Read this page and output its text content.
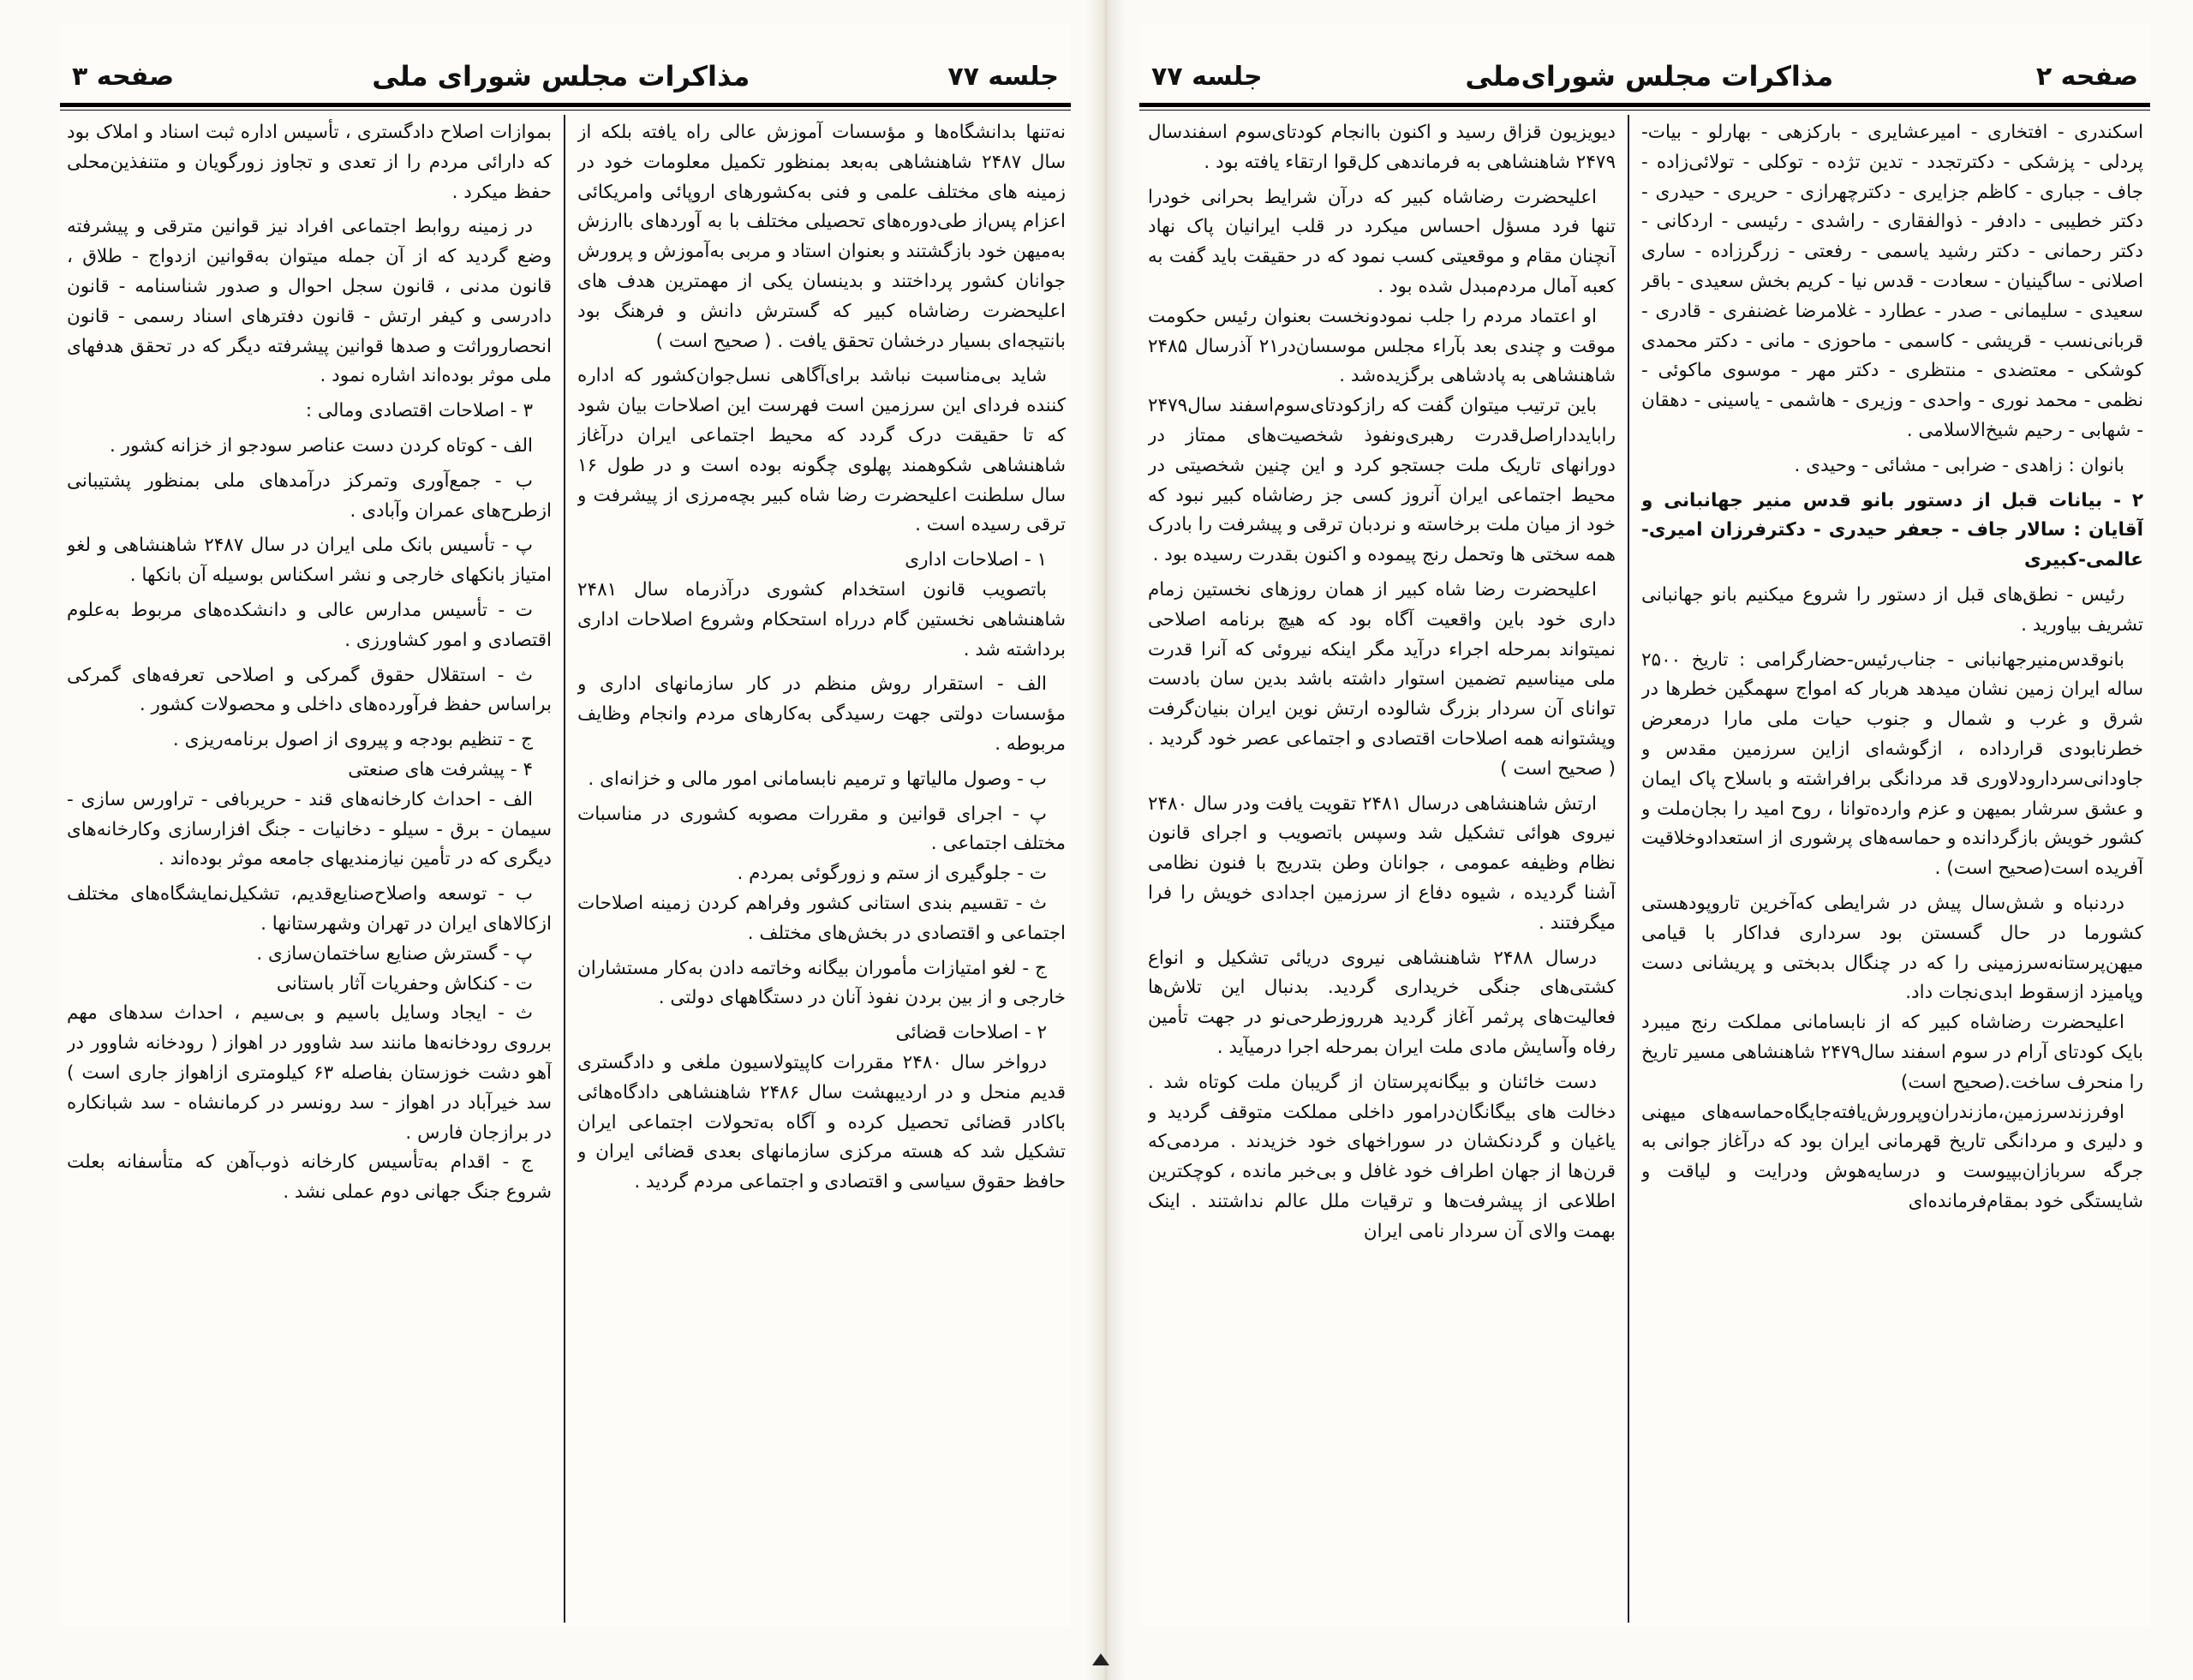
جلسه ۷۷
مذاکرات مجلس شورای ملی
صفحه ۳

نه‌تنها بدانشگاه‌ها و مؤسسات آموزش عالی راه یافته بلکه از سال ۲۴۸۷ شاهنشاهی به‌بعد بمنظور تکمیل معلومات خود در زمینه های مختلف علمی و فنی به‌کشورهای اروپائی وامریکائی اعزام پس‌از طی‌دوره‌های تحصیلی مختلف با به آوردهای باارزش به‌میهن خود بازگشتند و بعنوان استاد و مربی به‌آموزش و پرورش جوانان کشور پرداختند و بدینسان یکی از مهمترین هدف های اعلیحضرت رضاشاه کبیر که گسترش دانش و فرهنگ بود بانتیجه‌ای بسیار درخشان تحقق یافت . ( صحیح است )

شاید بی‌مناسبت نباشد برای‌آگاهی نسل‌جوان‌کشور که اداره کننده فردای این سرزمین است فهرست این اصلاحات بیان شود که تا حقیقت درک گردد که محیط اجتماعی ایران درآغاز شاهنشاهی شکوهمند پهلوی چگونه بوده است و در طول ۱۶ سال سلطنت اعلیحضرت رضا شاه کبیر بچه‌مرزی از پیشرفت و ترقی رسیده است .

۱ - اصلاحات اداری

باتصویب قانون استخدام کشوری درآذرماه سال ۲۴۸۱ شاهنشاهی نخستین گام درراه استحکام وشروع اصلاحات اداری برداشته شد .

الف - استقرار روش منظم در کار سازمانهای اداری و مؤسسات دولتی جهت رسیدگی به‌کارهای مردم وانجام وظایف مربوطه .

ب - وصول مالیاتها و ترمیم نابسامانی امور مالی و خزانه‌ای .

پ - اجرای قوانین و مقررات مصوبه کشوری در مناسبات مختلف اجتماعی .

ت - جلوگیری از ستم و زورگوئی بمردم .

ث - تقسیم بندی استانی کشور وفراهم کردن زمینه اصلاحات اجتماعی و اقتصادی در بخش‌های مختلف .

ج - لغو امتیازات مأموران بیگانه وخاتمه دادن به‌کار مستشاران خارجی و از بین بردن نفوذ آنان در دستگاههای دولتی .

۲ - اصلاحات قضائی

درواخر سال ۲۴۸۰ مقررات کاپیتولاسیون ملغی و دادگستری قدیم منحل و در اردیبهشت سال ۲۴۸۶ شاهنشاهی دادگاه‌هائی باکادر قضائی تحصیل کرده و آگاه به‌تحولات اجتماعی ایران تشکیل شد که هسته مرکزی سازمانهای بعدی قضائی ایران و حافظ حقوق سیاسی و اقتصادی و اجتماعی مردم گردید .

بموازات اصلاح دادگستری ، تأسیس اداره ثبت اسناد و املاک بود که دارائی مردم را از تعدی و تجاوز زورگویان و متنفذین‌محلی حفظ میکرد .

در زمینه روابط اجتماعی افراد نیز قوانین مترقی و پیشرفته وضع گردید که از آن جمله میتوان به‌قوانین ازدواج - طلاق ، قانون مدنی ، قانون سجل احوال و صدور شناسنامه - قانون دادرسی و کیفر ارتش - قانون دفترهای اسناد رسمی - قانون انحصاروراثت و صدها قوانین پیشرفته دیگر که در تحقق هدفهای ملی موثر بوده‌اند اشاره نمود .

۳ - اصلاحات اقتصادی ومالی :

الف - کوتاه کردن دست عناصر سودجو از خزانه کشور .

ب - جمع‌آوری وتمرکز درآمدهای ملی بمنظور پشتیبانی ازطرح‌های عمران وآبادی .

پ - تأسیس بانک ملی ایران در سال ۲۴۸۷ شاهنشاهی و لغو امتیاز بانکهای خارجی و نشر اسکناس بوسیله آن بانکها .

ت - تأسیس مدارس عالی و دانشکده‌های مربوط به‌علوم اقتصادی و امور کشاورزی .

ث - استقلال حقوق گمرکی و اصلاحی تعرفه‌های گمرکی براساس حفظ فرآورده‌های داخلی و محصولات کشور .

ج - تنظیم بودجه و پیروی از اصول برنامه‌ریزی .

۴ - پیشرفت های صنعتی

الف - احداث کارخانه‌های قند - حریربافی - تراورس سازی - سیمان - برق - سیلو - دخانیات - جنگ افزارسازی وکارخانه‌های دیگری که در تأمین نیازمندیهای جامعه موثر بوده‌اند .

ب - توسعه واصلاح‌صنایع‌قدیم، تشکیل‌نمایشگاه‌های مختلف ازکالاهای ایران در تهران وشهرستانها .

پ - گسترش صنایع ساختمان‌سازی .

ت - کنکاش وحفریات آثار باستانی

ث - ایجاد وسایل باسیم و بی‌سیم ، احداث سدهای مهم برروی رودخانه‌ها مانند سد شاوور در اهواز ( رودخانه شاوور در آهو دشت خوزستان بفاصله ۶۳ کیلومتری ازاهواز جاری است ) سد خیرآباد در اهواز - سد رونسر در کرمانشاه - سد شبانکاره در برازجان فارس .

ج - اقدام به‌تأسیس کارخانه ذوب‌آهن که متأسفانه بعلت شروع جنگ جهانی دوم عملی نشد .

صفحه ۲
مذاکرات مجلس شورای‌ملی
جلسه ۷۷

اسکندری - افتخاری - امیرعشایری - بارکزهی - بهارلو - بیات-پردلی - پزشکی - دکترتجدد - تدین تژده - توکلی - تولائی‌زاده - جاف - جباری - کاظم جزایری - دکترچهرازی - حریری - حیدری - دکتر خطیبی - دادفر - ذوالفقاری - راشدی - رئیسی - اردکانی - دکتر رحمانی - دکتر رشید یاسمی - رفعتی - زرگرزاده - ساری اصلانی - ساگینیان - سعادت - قدس نیا - کریم بخش سعیدی - باقر سعیدی - سلیمانی - صدر - عطارد - غلامرضا غضنفری - قادری - قربانی‌نسب - قریشی - کاسمی - ماحوزی - مانی - دکتر محمدی کوشکی - معتضدی - منتظری - دکتر مهر - موسوی ماکوئی - نظمی - محمد نوری - واحدی - وزیری - هاشمی - یاسینی - دهقان - شهابی - رحیم شیخ‌الاسلامی .

بانوان : زاهدی - ضرابی - مشائی - وحیدی .

۲ - بیانات قبل از دستور بانو قدس منیر جهانبانی و آقایان : سالار جاف - جعفر حیدری - دکترفرزان امیری-عالمی-کبیری

رئیس - نطق‌های قبل از دستور را شروع میکنیم بانو جهانبانی تشریف بیاورید .

بانوقدس‌منیرجهانبانی - جناب‌رئیس-حضارگرامی : تاریخ ۲۵۰۰ ساله ایران زمین نشان میدهد هربار که امواج سهمگین خطرها در شرق و غرب و شمال و جنوب حیات ملی مارا درمعرض خطرنابودی قرارداده ، ازگوشه‌ای ازاین سرزمین مقدس و جاودانی‌سردارودلاوری قد مردانگی برافراشته و باسلاح پاک ایمان و عشق سرشار بمیهن و عزم وارده‌توانا ، روح امید را بجان‌ملت و کشور خویش بازگردانده و حماسه‌های پرشوری از استعدادوخلاقیت آفریده است(صحیح است) .

دردنباه و شش‌سال پیش در شرایطی که‌آخرین تاروپودهستی کشورما در حال گسستن بود سرداری فداکار با قیامی میهن‌پرستانه‌سرزمینی را که در چنگال بدبختی و پریشانی دست وپامیزد ازسقوط ابدی‌نجات داد.

اعلیحضرت رضاشاه کبیر که از نابسامانی مملکت رنج میبرد بایک کودتای آرام در سوم اسفند سال۲۴۷۹ شاهنشاهی مسیر تاریخ را منحرف ساخت.(صحیح است)

اوفرزندسرزمین،مازندران‌وپرورش‌یافته‌جایگاه‌حماسه‌های میهنی و دلیری و مردانگی تاریخ قهرمانی ایران بود که درآغاز جوانی به جرگه سربازان‌بپیوست و درسایه‌هوش ودرایت و لیاقت و شایستگی خود بمقام‌فرمانده‌ای

دیویزیون قزاق رسید و اکنون باانجام کودتای‌سوم اسفندسال ۲۴۷۹ شاهنشاهی به فرماندهی کل‌قوا ارتقاء یافته بود .

اعلیحضرت رضاشاه کبیر که درآن شرایط بحرانی خودرا تنها فرد مسؤل احساس میکرد در قلب ایرانیان پاک نهاد آنچنان مقام و موقعیتی کسب نمود که در حقیقت باید گفت به کعبه آمال مردم‌مبدل شده بود .

او اعتماد مردم را جلب نمودونخست بعنوان رئیس حکومت موقت و چندی بعد بآراء مجلس موسسان‌در۲۱ آذرسال ۲۴۸۵ شاهنشاهی به پادشاهی برگزیده‌شد .

باین ترتیب میتوان گفت که رازکودتای‌سوم‌اسفند سال۲۴۷۹ رابایدداراصل‌قدرت رهبری‌ونفوذ شخصیت‌های ممتاز در دورانهای تاریک ملت جستجو کرد و این چنین شخصیتی در محیط اجتماعی ایران آنروز کسی جز رضاشاه کبیر نبود که خود از میان ملت برخاسته و نردبان ترقی و پیشرفت را بادرک همه سختی ها وتحمل رنج پیموده و اکنون بقدرت رسیده بود .

اعلیحضرت رضا شاه کبیر از همان روزهای نخستین زمام داری خود باین واقعیت آگاه بود که هیچ برنامه اصلاحی نمیتواند بمرحله اجراء درآید مگر اینکه نیروئی که آنرا قدرت ملی میناسیم تضمین استوار داشته باشد بدین سان بادست توانای آن سردار بزرگ شالوده ارتش نوین ایران بنیان‌گرفت وپشتوانه همه اصلاحات اقتصادی و اجتماعی عصر خود گردید . ( صحیح است )

ارتش شاهنشاهی درسال ۲۴۸۱ تقویت یافت ودر سال ۲۴۸۰ نیروی هوائی تشکیل شد وسپس باتصویب و اجرای قانون نظام وظیفه عمومی ، جوانان وطن بتدریج با فنون نظامی آشنا گردیده ، شیوه دفاع از سرزمین اجدادی خویش را فرا میگرفتند .

درسال ۲۴۸۸ شاهنشاهی نیروی دریائی تشکیل و انواع کشتی‌های جنگی خریداری گردید. بدنبال این تلاش‌ها فعالیت‌های پرثمر آغاز گردید هرروزطرحی‌نو در جهت تأمین رفاه وآسایش مادی ملت ایران بمرحله اجرا درمیآید .

دست خائنان و بیگانه‌پرستان از گریبان ملت کوتاه شد . دخالت های بیگانگان‌درامور داخلی مملکت متوقف گردید و یاغیان و گردنکشان در سوراخهای خود خزیدند . مردمی‌که قرن‌ها از جهان اطراف خود غافل و بی‌خبر مانده ، کوچکترین اطلاعی از پیشرفت‌ها و ترقیات ملل عالم نداشتند . اینک بهمت والای آن سردار نامی ایران
